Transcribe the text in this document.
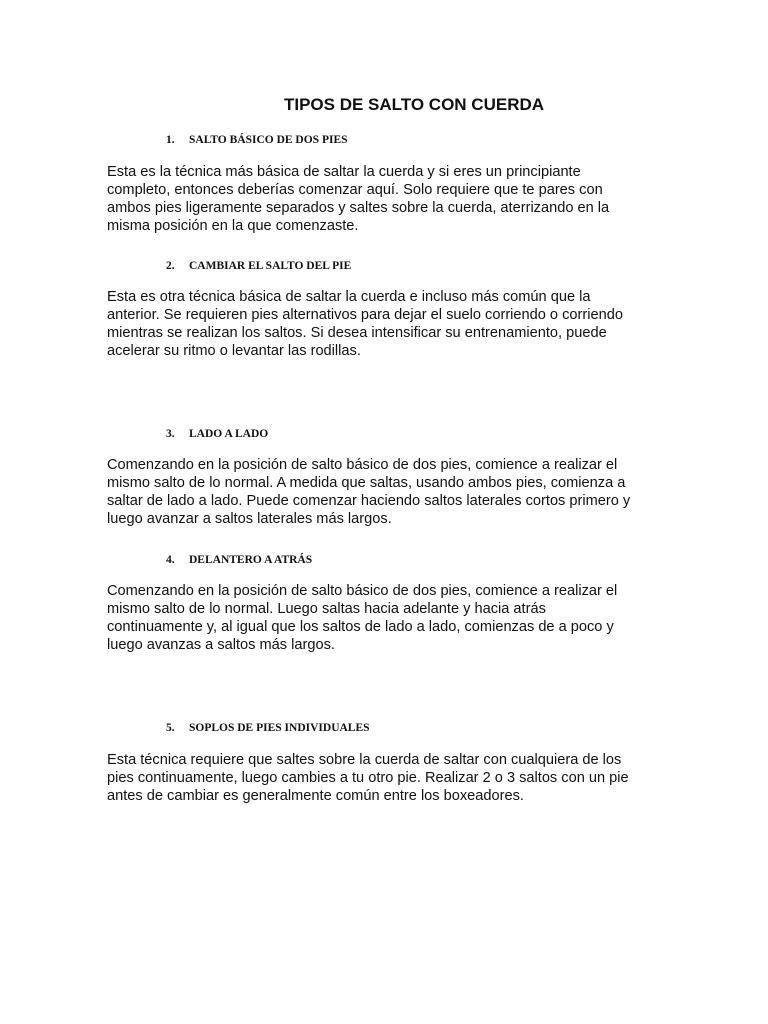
TIPOS DE SALTO CON CUERDA

1. SALTO BÁSICO DE DOS PIES

Esta es la técnica más básica de saltar la cuerda y si eres un principiante
completo, entonces deberías comenzar aquí. Solo requiere que te pares con
ambos pies ligeramente separados y saltes sobre la cuerda, aterrizando en la
misma posición en la que comenzaste.

2. CAMBIAR EL SALTO DEL PIE

Esta es otra técnica básica de saltar la cuerda e incluso más común que la
anterior. Se requieren pies alternativos para dejar el suelo corriendo o corriendo
mientras se realizan los saltos. Si desea intensificar su entrenamiento, puede
acelerar su ritmo o levantar las rodillas.

3. LADO A LADO

Comenzando en la posición de salto básico de dos pies, comience a realizar el
mismo salto de lo normal. A medida que saltas, usando ambos pies, comienza a
saltar de lado a lado. Puede comenzar haciendo saltos laterales cortos primero y
luego avanzar a saltos laterales más largos.

4. DELANTERO A ATRÁS

Comenzando en la posición de salto básico de dos pies, comience a realizar el
mismo salto de lo normal. Luego saltas hacia adelante y hacia atrás
continuamente y, al igual que los saltos de lado a lado, comienzas de a poco y
luego avanzas a saltos más largos.

5. SOPLOS DE PIES INDIVIDUALES

Esta técnica requiere que saltes sobre la cuerda de saltar con cualquiera de los
pies continuamente, luego cambies a tu otro pie. Realizar 2 o 3 saltos con un pie
antes de cambiar es generalmente común entre los boxeadores.
